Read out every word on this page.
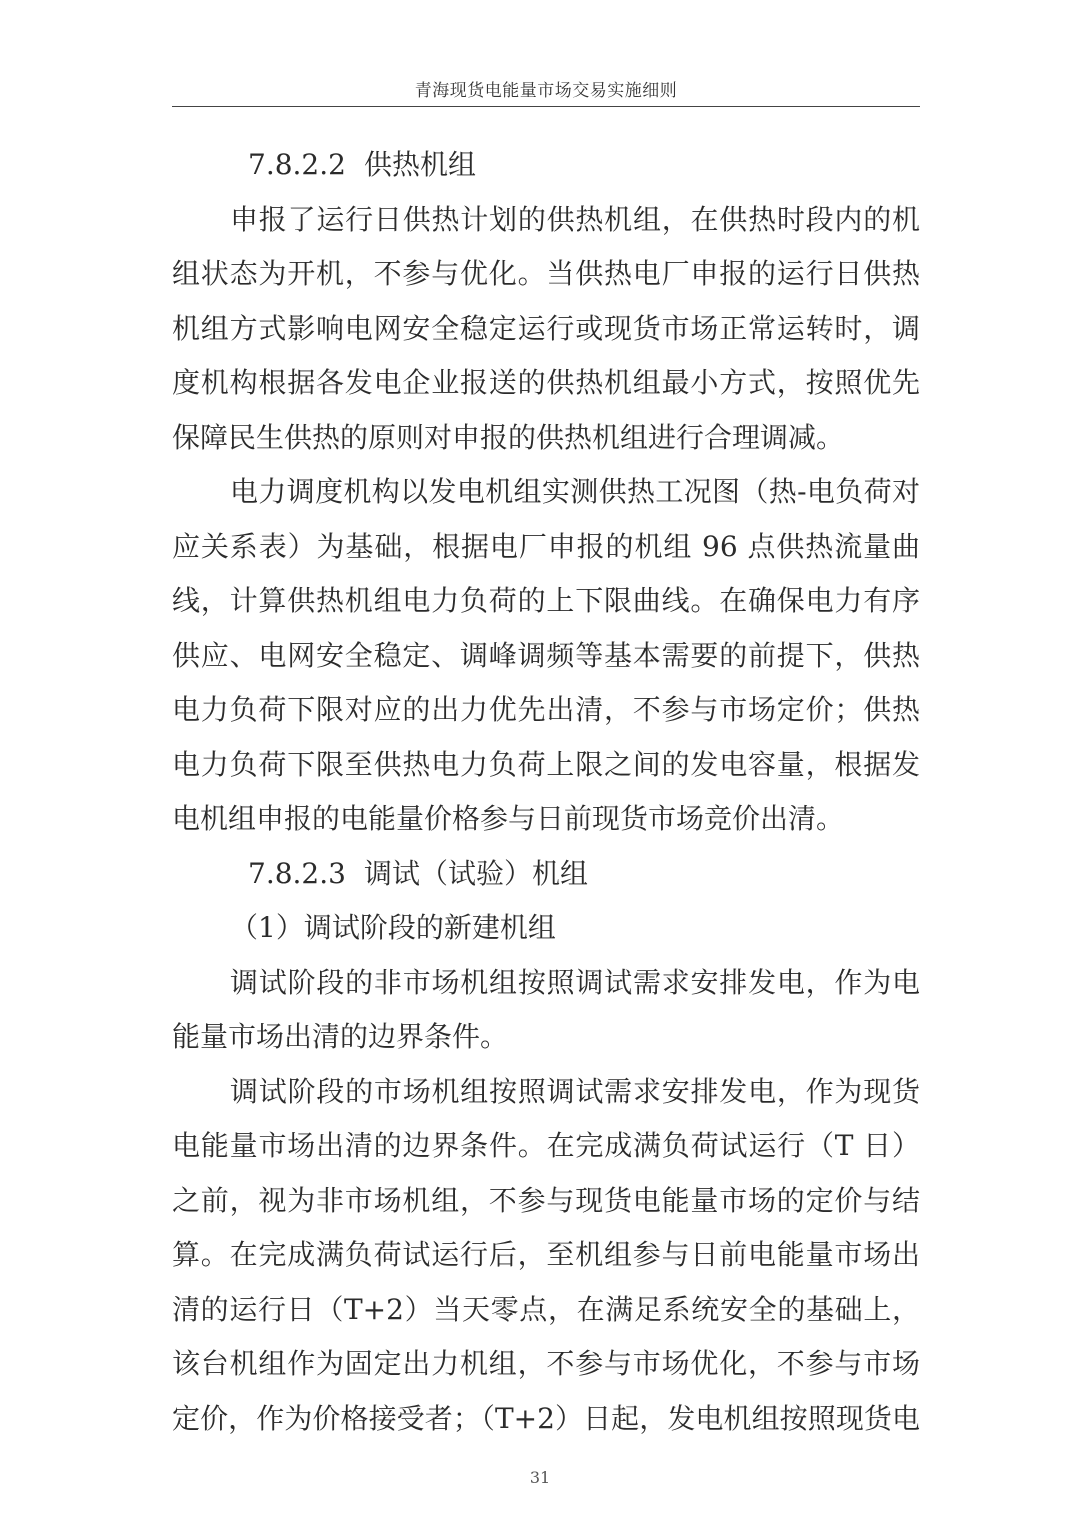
青海现货电能量市场交易实施细则
7.8.2.2 供热机组
申报了运行日供热计划的供热机组，在供热时段内的机
组状态为开机，不参与优化。当供热电厂申报的运行日供热
机组方式影响电网安全稳定运行或现货市场正常运转时，调
度机构根据各发电企业报送的供热机组最小方式，按照优先
保障民生供热的原则对申报的供热机组进行合理调减。
电力调度机构以发电机组实测供热工况图（热-电负荷对
应关系表）为基础，根据电厂申报的机组 96 点供热流量曲
线，计算供热机组电力负荷的上下限曲线。在确保电力有序
供应、电网安全稳定、调峰调频等基本需要的前提下，供热
电力负荷下限对应的出力优先出清，不参与市场定价；供热
电力负荷下限至供热电力负荷上限之间的发电容量，根据发
电机组申报的电能量价格参与日前现货市场竞价出清。
7.8.2.3 调试（试验）机组
（1）调试阶段的新建机组
调试阶段的非市场机组按照调试需求安排发电，作为电
能量市场出清的边界条件。
调试阶段的市场机组按照调试需求安排发电，作为现货
电能量市场出清的边界条件。在完成满负荷试运行（T 日）
之前，视为非市场机组，不参与现货电能量市场的定价与结
算。在完成满负荷试运行后，至机组参与日前电能量市场出
清的运行日（T+2）当天零点，在满足系统安全的基础上，
该台机组作为固定出力机组，不参与市场优化，不参与市场
定价，作为价格接受者；（T+2）日起，发电机组按照现货电
31
